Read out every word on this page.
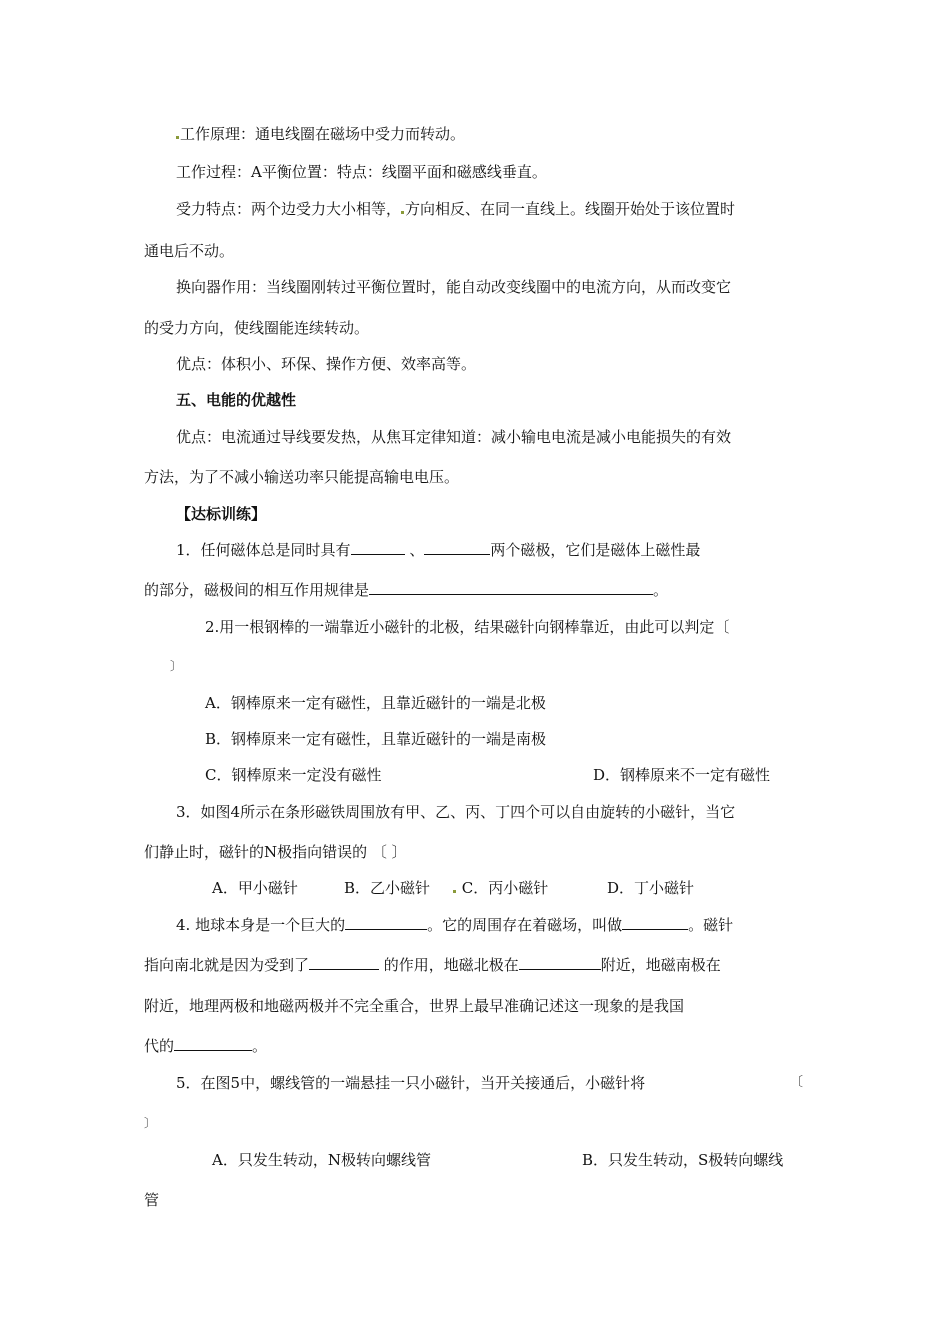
工作原理：通电线圈在磁场中受力而转动。
工作过程：A平衡位置：特点：线圈平面和磁感线垂直。
受力特点：两个边受力大小相等， 方向相反、在同一直线上。线圈开始处于该位置时
通电后不动。
换向器作用：当线圈刚转过平衡位置时，能自动改变线圈中的电流方向，从而改变它
的受力方向，使线圈能连续转动。
优点：体积小、环保、操作方便、效率高等。
五、电能的优越性
优点：电流通过导线要发热，从焦耳定律知道：减小输电电流是减小电能损失的有效
方法，为了不减小输送功率只能提高输电电压。
【达标训练】
1．任何磁体总是同时具有	、	两个磁极，它们是磁体上磁性最
的部分，磁极间的相互作用规律是	。
2.用一根钢棒的一端靠近小磁针的北极，结果磁针向钢棒靠近，由此可以判定〔
〕
A．钢棒原来一定有磁性，且靠近磁针的一端是北极
B．钢棒原来一定有磁性，且靠近磁针的一端是南极
C．钢棒原来一定没有磁性	D．钢棒原来不一定有磁性
3．如图4所示在条形磁铁周围放有甲、乙、丙、丁四个可以自由旋转的小磁针，当它
们静止时，磁针的N极指向错误的 〔 〕
A．甲小磁针	B．乙小磁针	C．丙小磁针	D．丁小磁针
4. 地球本身是一个巨大的	。它的周围存在着磁场，叫做	。磁针
指向南北就是因为受到了	的作用，地磁北极在	附近，地磁南极在
附近，地理两极和地磁两极并不完全重合，世界上最早准确记述这一现象的是我国
代的	。
5．在图5中，螺线管的一端悬挂一只小磁针，当开关接通后，小磁针将	〔
〕
A．只发生转动，N极转向螺线管	B．只发生转动，S极转向螺线
管
